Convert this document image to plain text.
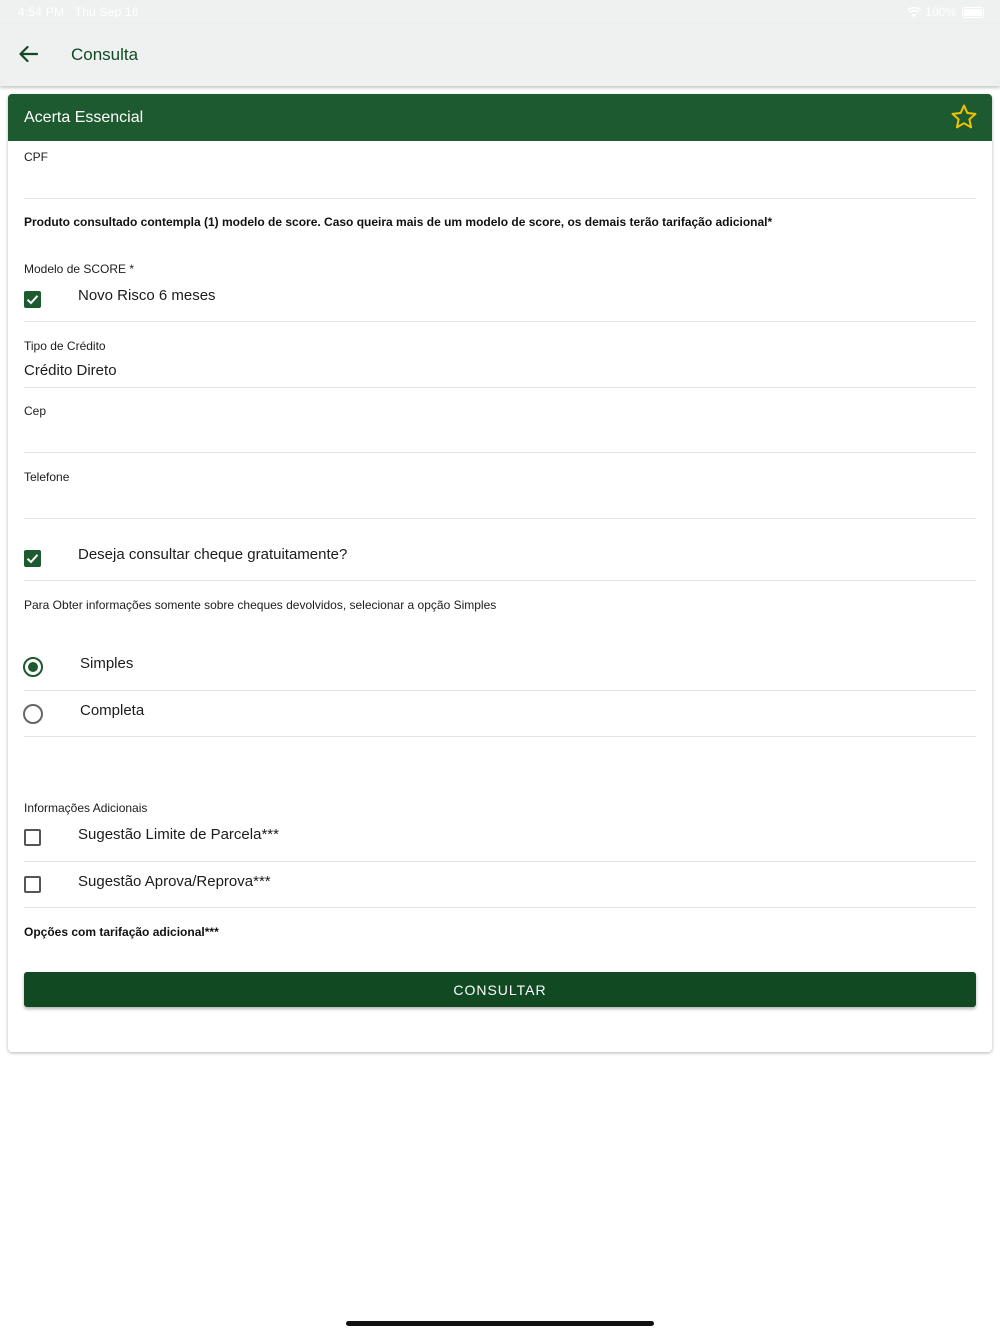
4:54 PM Thu Sep 16	100%
Consulta
Acerta Essencial
CPF
Produto consultado contempla (1) modelo de score. Caso queira mais de um modelo de score, os demais terão tarifação adicional*
Modelo de SCORE *
Novo Risco 6 meses
Tipo de Crédito
Crédito Direto
Cep
Telefone
Deseja consultar cheque gratuitamente?
Para Obter informações somente sobre cheques devolvidos, selecionar a opção Simples
Simples
Completa
Informações Adicionais
Sugestão Limite de Parcela***
Sugestão Aprova/Reprova***
Opções com tarifação adicional***
CONSULTAR
